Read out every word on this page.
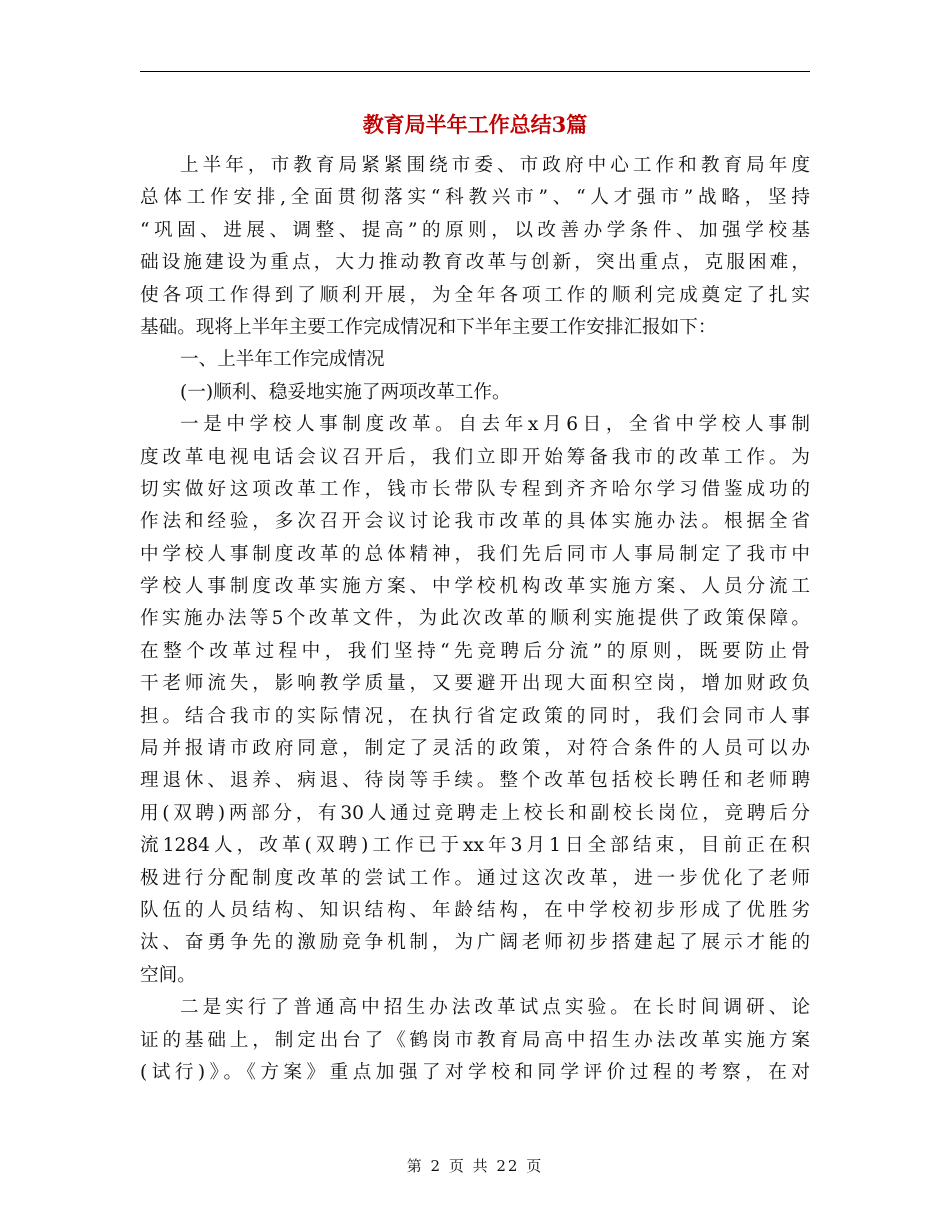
教育局半年工作总结3篇

上半年，市教育局紧紧围绕市委、市政府中心工作和教育局年度
总体工作安排,全面贯彻落实“科教兴市”、“人才强市”战略，坚持
“巩固、进展、调整、提高”的原则，以改善办学条件、加强学校基
础设施建设为重点，大力推动教育改革与创新，突出重点，克服困难，
使各项工作得到了顺利开展，为全年各项工作的顺利完成奠定了扎实
基础。现将上半年主要工作完成情况和下半年主要工作安排汇报如下：

一、上半年工作完成情况

(一)顺利、稳妥地实施了两项改革工作。

一是中学校人事制度改革。自去年x月6日，全省中学校人事制
度改革电视电话会议召开后，我们立即开始筹备我市的改革工作。为
切实做好这项改革工作，钱市长带队专程到齐齐哈尔学习借鉴成功的
作法和经验，多次召开会议讨论我市改革的具体实施办法。根据全省
中学校人事制度改革的总体精神，我们先后同市人事局制定了我市中
学校人事制度改革实施方案、中学校机构改革实施方案、人员分流工
作实施办法等5个改革文件，为此次改革的顺利实施提供了政策保障。
在整个改革过程中，我们坚持“先竞聘后分流”的原则，既要防止骨
干老师流失，影响教学质量，又要避开出现大面积空岗，增加财政负
担。结合我市的实际情况，在执行省定政策的同时，我们会同市人事
局并报请市政府同意，制定了灵活的政策，对符合条件的人员可以办
理退休、退养、病退、待岗等手续。整个改革包括校长聘任和老师聘
用(双聘)两部分，有30人通过竞聘走上校长和副校长岗位，竞聘后分
流1284人，改革(双聘)工作已于xx年3月1日全部结束，目前正在积
极进行分配制度改革的尝试工作。通过这次改革，进一步优化了老师
队伍的人员结构、知识结构、年龄结构，在中学校初步形成了优胜劣
汰、奋勇争先的激励竞争机制，为广阔老师初步搭建起了展示才能的
空间。

二是实行了普通高中招生办法改革试点实验。在长时间调研、论
证的基础上，制定出台了《鹤岗市教育局高中招生办法改革实施方案
(试行)》。《方案》重点加强了对学校和同学评价过程的考察，在对

第 2 页 共 22 页
